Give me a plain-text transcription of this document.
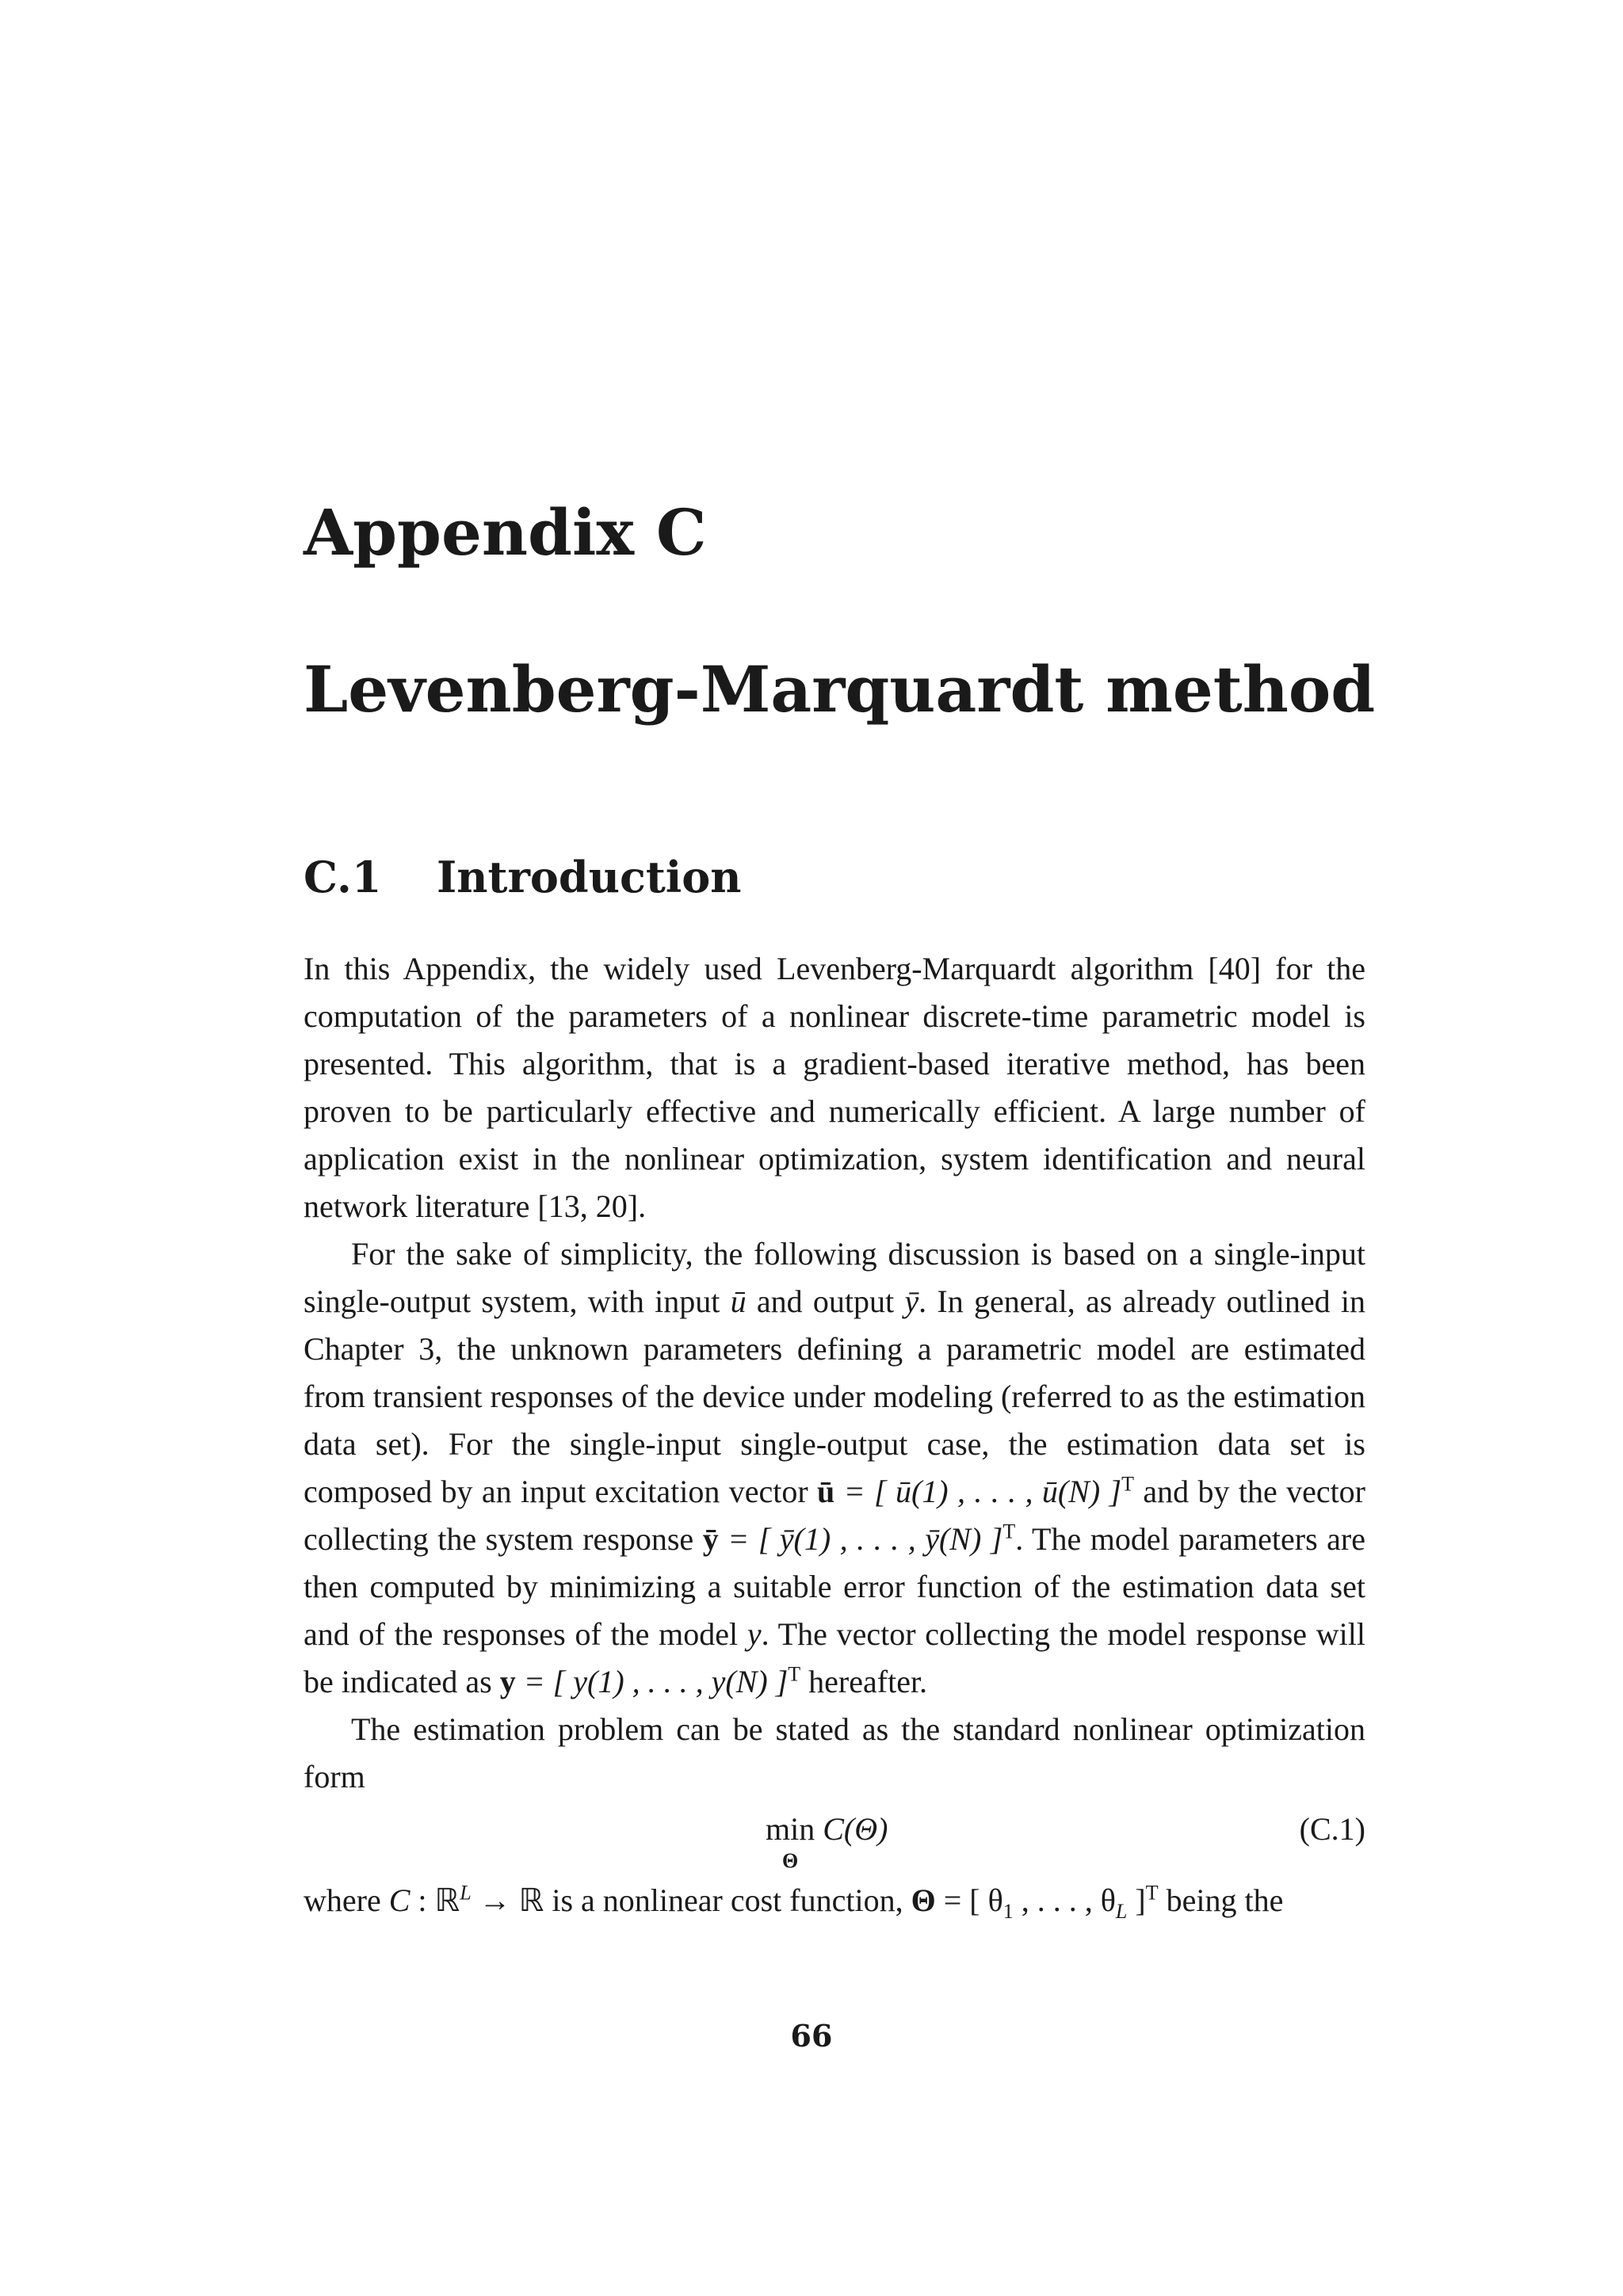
Appendix C
Levenberg-Marquardt method
C.1 Introduction

In this Appendix, the widely used Levenberg-Marquardt algorithm [40] for the computation of the parameters of a nonlinear discrete-time parametric model is presented. This algorithm, that is a gradient-based iterative method, has been proven to be particularly effective and numerically efficient. A large number of application exist in the nonlinear optimization, system identification and neural network literature [13, 20].

For the sake of simplicity, the following discussion is based on a single-input single-output system, with input ū and output ȳ. In general, as already outlined in Chapter 3, the unknown parameters defining a parametric model are estimated from transient responses of the device under modeling (referred to as the estimation data set). For the single-input single-output case, the estimation data set is composed by an input excitation vector ū​ = [ ū(1) , . . . , ū(N) ]$^T$ and by the vector collecting the system response ȳ​ = [ ȳ(1) , . . . , ȳ(N) ]$^T$. The model parameters are then computed by minimizing a suitable error function of the estimation data set and of the responses of the model y. The vector collecting the model response will be indicated as y = [ y(1) , . . . , y(N) ]$^T$ hereafter.

The estimation problem can be stated as the standard nonlinear optimization form

min
Θ
C(Θ)	(C.1)

where C : ℝ$^L$ → ℝ is a nonlinear cost function, Θ = [ $\theta_1$ , . . . , $\theta_L$ ]$^T$ being the

66
